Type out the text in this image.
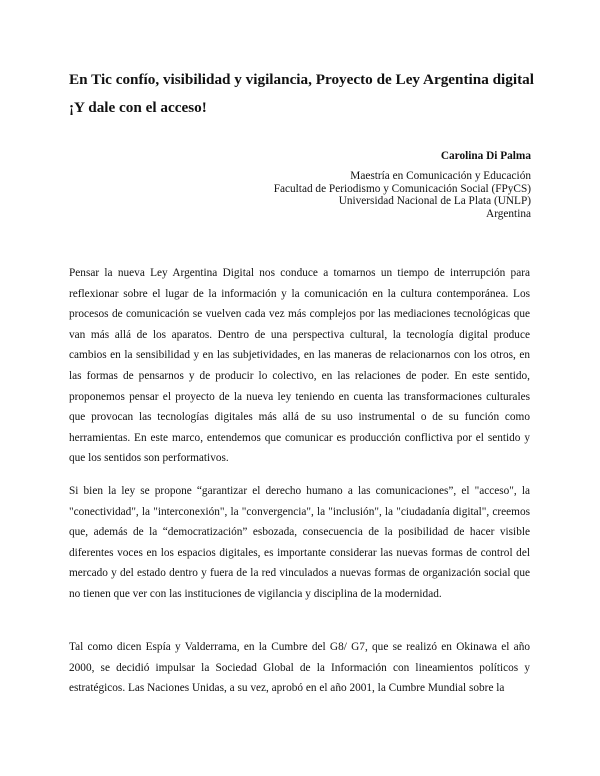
En Tic confío, visibilidad y vigilancia, Proyecto de Ley Argentina digital ¡Y dale con el acceso!

Carolina Di Palma

Maestría en Comunicación y Educación
Facultad de Periodismo y Comunicación Social (FPyCS)
Universidad Nacional de La Plata (UNLP)
Argentina

Pensar la nueva Ley Argentina Digital nos conduce a tomarnos un tiempo de interrupción para reflexionar sobre el lugar de la información y la comunicación en la cultura contemporánea. Los procesos de comunicación se vuelven cada vez más complejos por las mediaciones tecnológicas que van más allá de los aparatos. Dentro de una perspectiva cultural, la tecnología digital produce cambios en la sensibilidad y en las subjetividades, en las maneras de relacionarnos con los otros, en las formas de pensarnos y de producir lo colectivo, en las relaciones de poder. En este sentido, proponemos pensar el proyecto de la nueva ley teniendo en cuenta las transformaciones culturales que provocan las tecnologías digitales más allá de su uso instrumental o de su función como herramientas. En este marco, entendemos que comunicar es producción conflictiva por el sentido y que los sentidos son performativos.

Si bien la ley se propone “garantizar el derecho humano a las comunicaciones”, el "acceso", la "conectividad", la "interconexión", la "convergencia", la "inclusión", la "ciudadanía digital", creemos que, además de la “democratización” esbozada, consecuencia de la posibilidad de hacer visible diferentes voces en los espacios digitales, es importante considerar las nuevas formas de control del mercado y del estado dentro y fuera de la red vinculados a nuevas formas de organización social que no tienen que ver con las instituciones de vigilancia y disciplina de la modernidad.

Tal como dicen Espía y Valderrama, en la Cumbre del G8/ G7, que se realizó en Okinawa el año 2000, se decidió impulsar la Sociedad Global de la Información con lineamientos políticos y estratégicos. Las Naciones Unidas, a su vez, aprobó en el año 2001, la Cumbre Mundial sobre la
